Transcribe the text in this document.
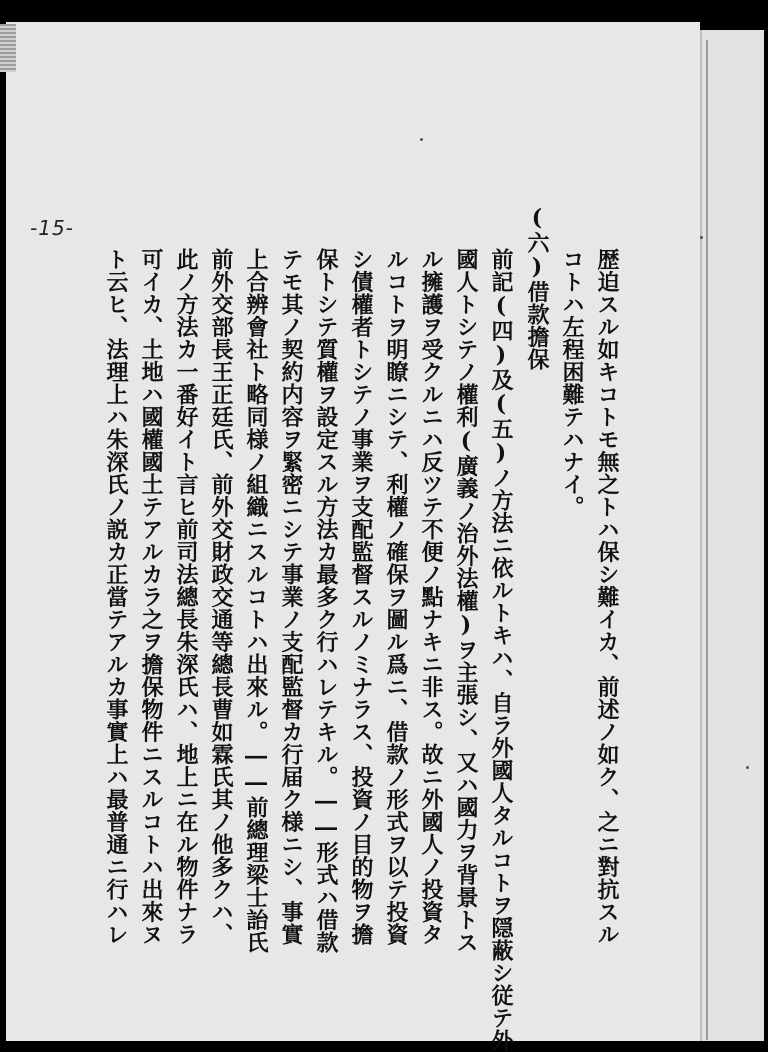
-15-
歴迫スル如キコトモ無之トハ保シ難イカ、前述ノ如ク、之ニ對抗スル
コトハ左程困難テハナイ。
(六)借款擔保
前記(四)及(五)ノ方法ニ依ルトキハ、自ラ外國人タルコトヲ隠蔽シ従テ外
國人トシテノ權利(廣義ノ治外法權)ヲ主張シ、又ハ國力ヲ背景トス
ル擁護ヲ受クルニハ反ツテ不便ノ點ナキニ非ス。故ニ外國人ノ投資タ
ルコトヲ明瞭ニシテ、利權ノ確保ヲ圖ル爲ニ、借款ノ形式ヲ以テ投資
シ債權者トシテノ事業ヲ支配監督スルノミナラス、投資ノ目的物ヲ擔
保トシテ質權ヲ設定スル方法カ最多ク行ハレテキル。――形式ハ借款
テモ其ノ契約内容ヲ緊密ニシテ事業ノ支配監督カ行届ク様ニシ、事實
上合辨會社ト略同様ノ組織ニスルコトハ出來ル。――前總理梁士詒氏
前外交部長王正廷氏、前外交財政交通等總長曹如霖氏其ノ他多クハ、
此ノ方法カ一番好イト言ヒ前司法總長朱深氏ハ、地上ニ在ル物件ナラ
可イカ、土地ハ國權國土テアルカラ之ヲ擔保物件ニスルコトハ出來ヌ
ト云ヒ、法理上ハ朱深氏ノ説カ正當テアルカ事實上ハ最普通ニ行ハレ
